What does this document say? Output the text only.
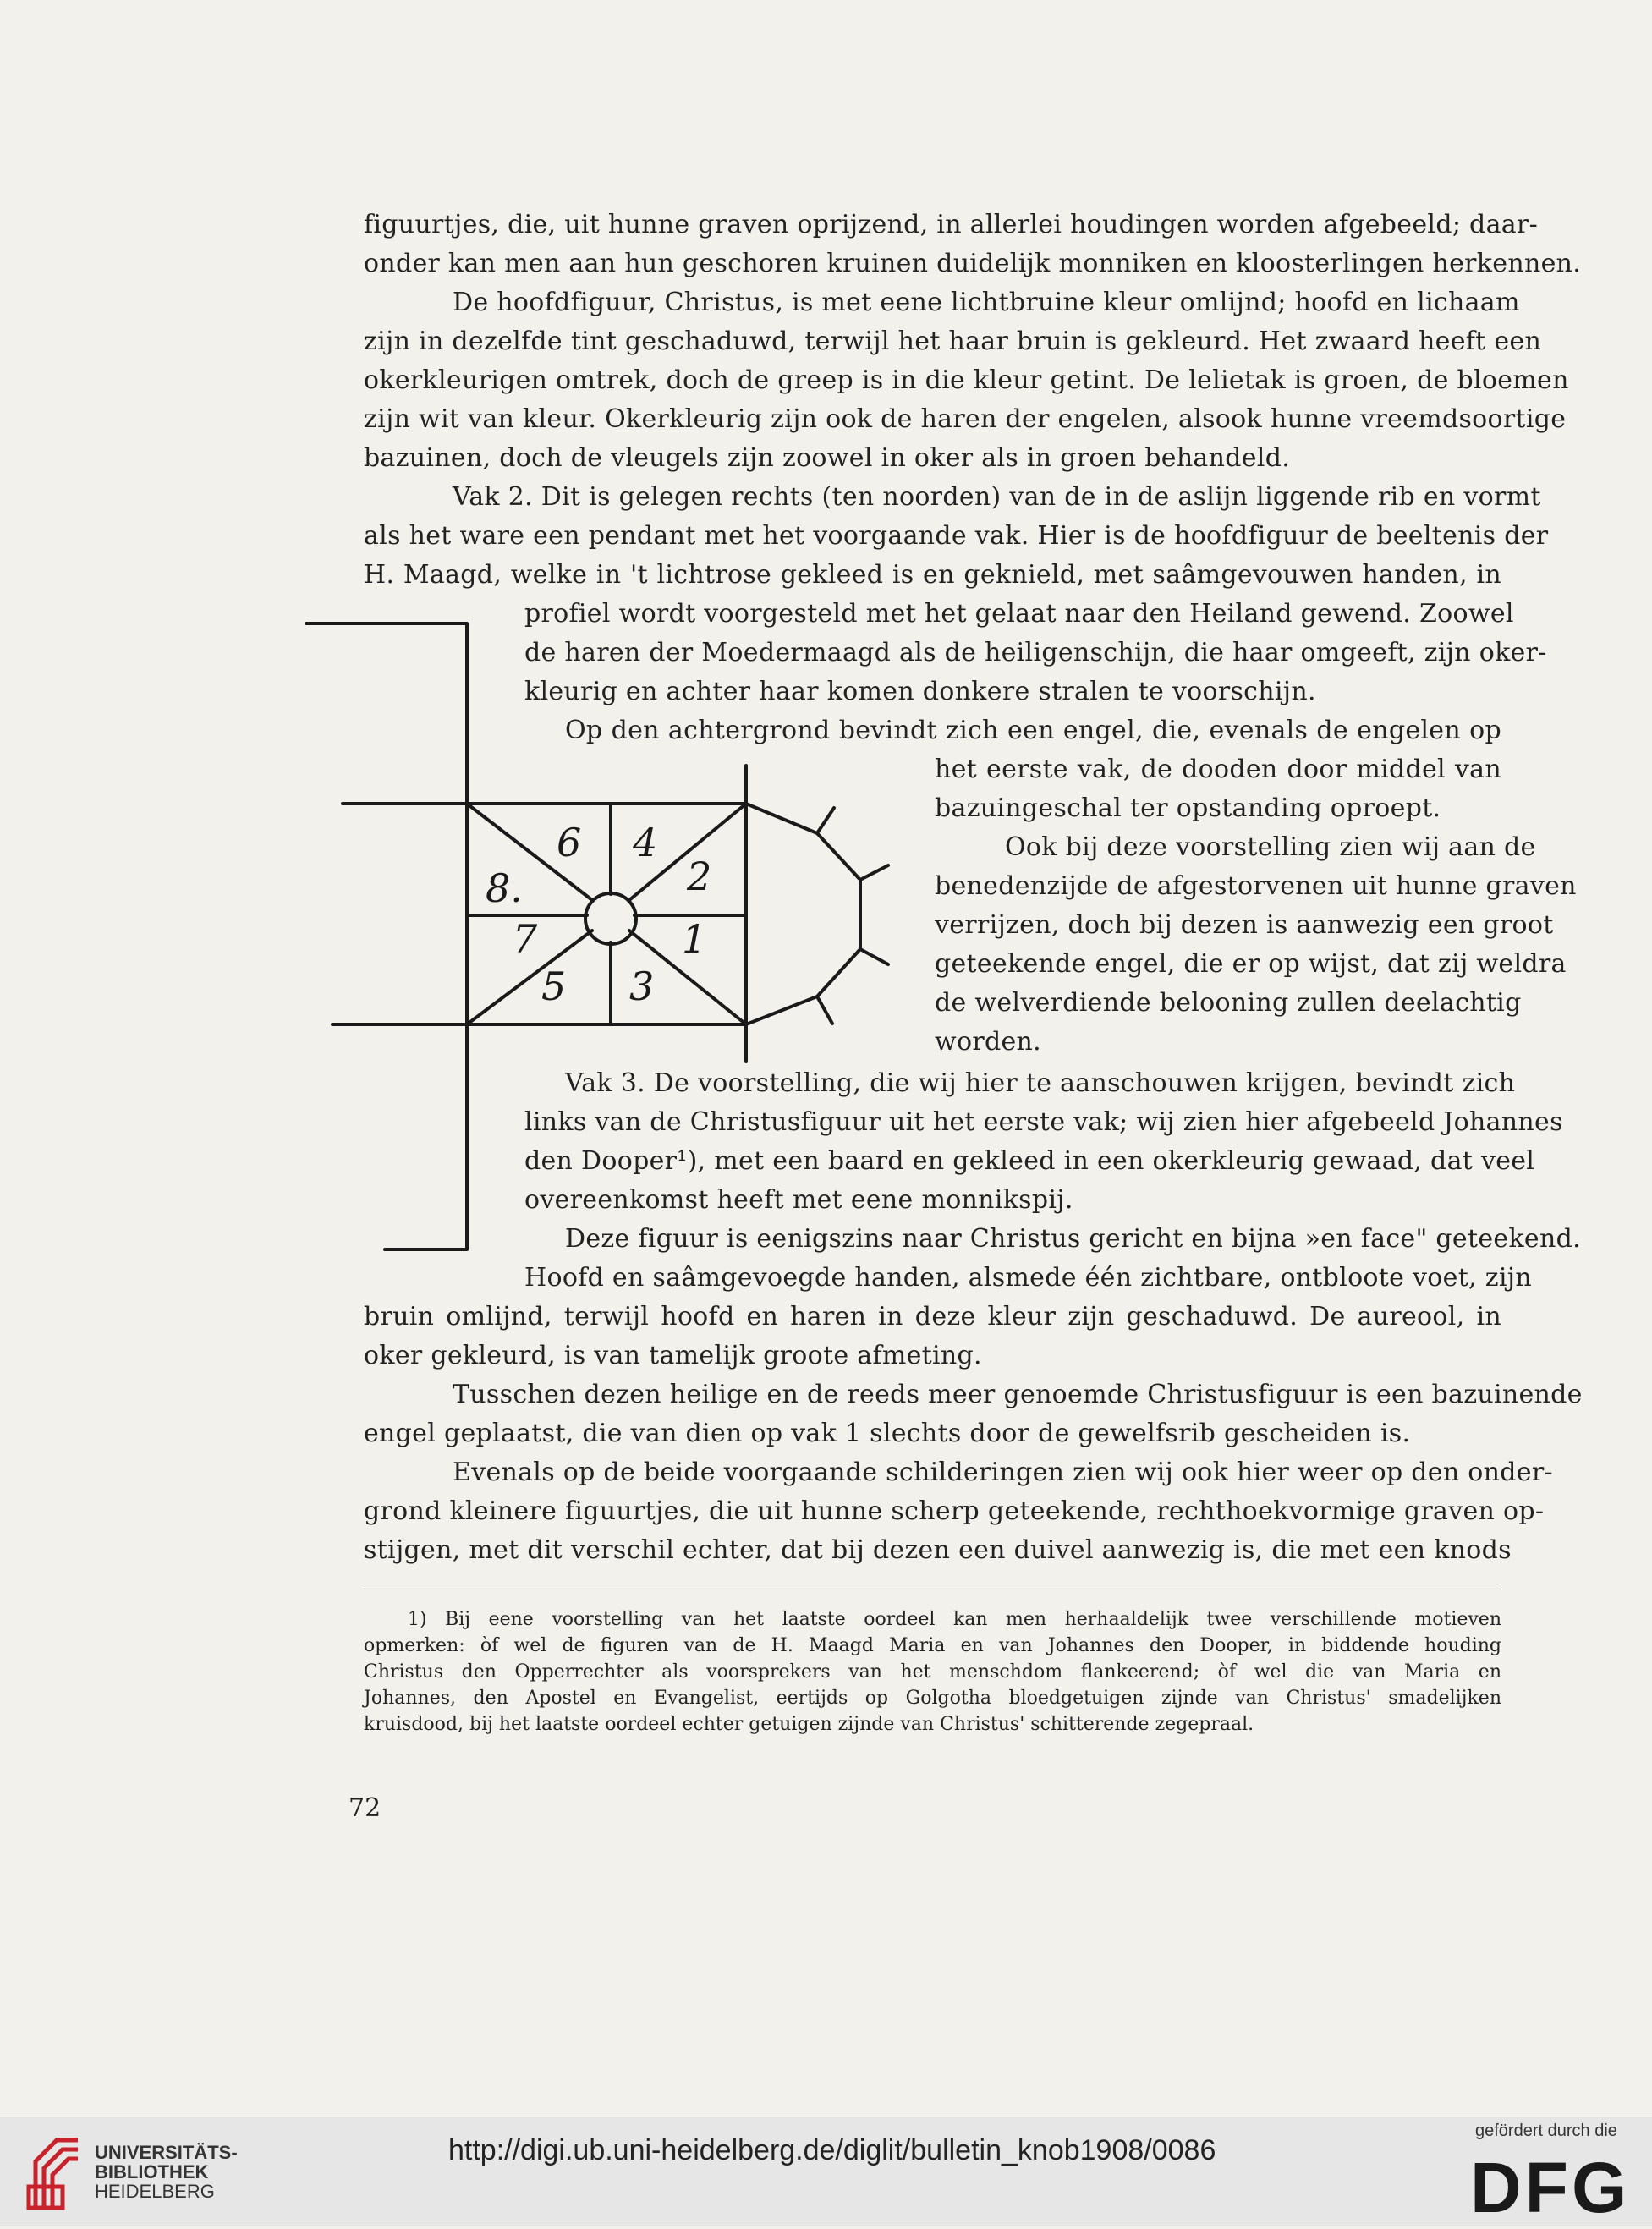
figuurtjes, die, uit hunne graven oprijzend, in allerlei houdingen worden afgebeeld; daar-
onder kan men aan hun geschoren kruinen duidelijk monniken en kloosterlingen herkennen.
De hoofdfiguur, Christus, is met eene lichtbruine kleur omlijnd; hoofd en lichaam
zijn in dezelfde tint geschaduwd, terwijl het haar bruin is gekleurd. Het zwaard heeft een
okerkleurigen omtrek, doch de greep is in die kleur getint. De lelietak is groen, de bloemen
zijn wit van kleur. Okerkleurig zijn ook de haren der engelen, alsook hunne vreemdsoortige
bazuinen, doch de vleugels zijn zoowel in oker als in groen behandeld.
Vak 2. Dit is gelegen rechts (ten noorden) van de in de aslijn liggende rib en vormt
als het ware een pendant met het voorgaande vak. Hier is de hoofdfiguur de beeltenis der
H. Maagd, welke in 't lichtrose gekleed is en geknield, met saâmgevouwen handen, in
profiel wordt voorgesteld met het gelaat naar den Heiland gewend. Zoowel
de haren der Moedermaagd als de heiligenschijn, die haar omgeeft, zijn oker-
kleurig en achter haar komen donkere stralen te voorschijn.
Op den achtergrond bevindt zich een engel, die, evenals de engelen op
het eerste vak, de dooden door middel van
bazuingeschal ter opstanding oproept.
Ook bij deze voorstelling zien wij aan de
benedenzijde de afgestorvenen uit hunne graven
verrijzen, doch bij dezen is aanwezig een groot
geteekende engel, die er op wijst, dat zij weldra
de welverdiende belooning zullen deelachtig
worden.
Vak 3. De voorstelling, die wij hier te aanschouwen krijgen, bevindt zich
links van de Christusfiguur uit het eerste vak; wij zien hier afgebeeld Johannes
den Dooper¹), met een baard en gekleed in een okerkleurig gewaad, dat veel
overeenkomst heeft met eene monnikspij.
Deze figuur is eenigszins naar Christus gericht en bijna »en face" geteekend.
Hoofd en saâmgevoegde handen, alsmede één zichtbare, ontbloote voet, zijn
bruin omlijnd, terwijl hoofd en haren in deze kleur zijn geschaduwd. De aureool, in
oker gekleurd, is van tamelijk groote afmeting.
Tusschen dezen heilige en de reeds meer genoemde Christusfiguur is een bazuinende
engel geplaatst, die van dien op vak 1 slechts door de gewelfsrib gescheiden is.
Evenals op de beide voorgaande schilderingen zien wij ook hier weer op den onder-
grond kleinere figuurtjes, die uit hunne scherp geteekende, rechthoekvormige graven op-
stijgen, met dit verschil echter, dat bij dezen een duivel aanwezig is, die met een knods
1) Bij eene voorstelling van het laatste oordeel kan men herhaaldelijk twee verschillende motieven
opmerken: òf wel de figuren van de H. Maagd Maria en van Johannes den Dooper, in biddende houding
Christus den Opperrechter als voorsprekers van het menschdom flankeerend; òf wel die van Maria en
Johannes, den Apostel en Evangelist, eertijds op Golgotha bloedgetuigen zijnde van Christus' smadelijken
kruisdood, bij het laatste oordeel echter getuigen zijnde van Christus' schitterende zegepraal.
72
6 4
8.	2
7	1
5 3
UNIVERSITÄTS-
BIBLIOTHEK
HEIDELBERG
http://digi.ub.uni-heidelberg.de/diglit/bulletin_knob1908/0086
gefördert durch die
DFG
